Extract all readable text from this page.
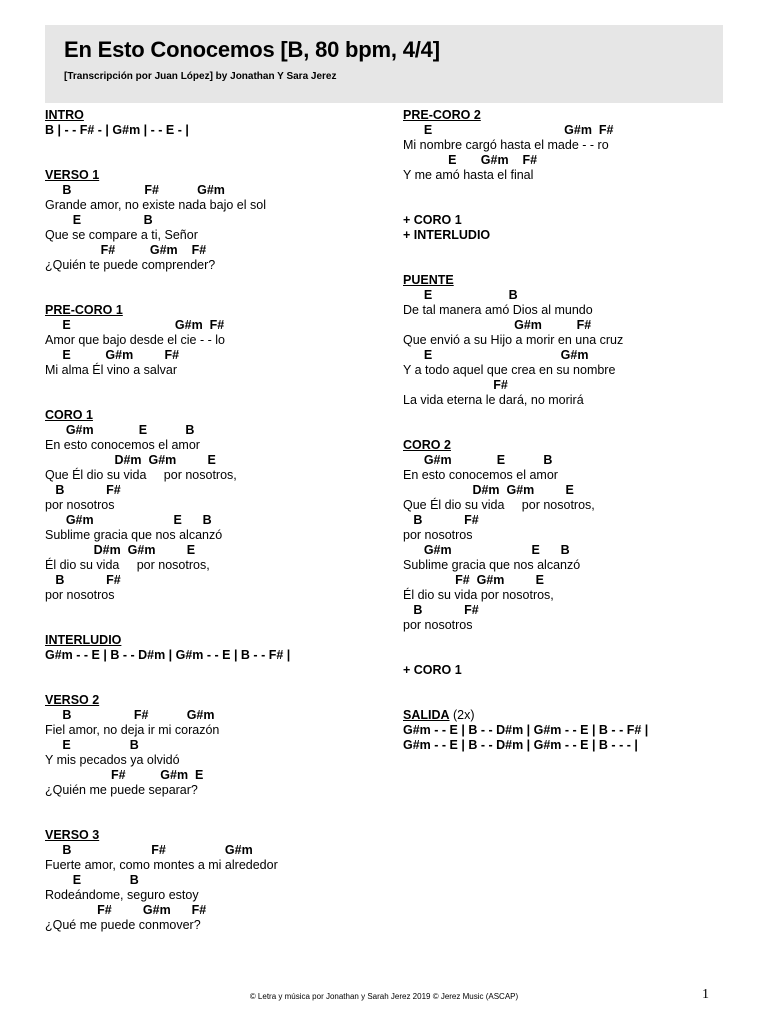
En Esto Conocemos [B, 80 bpm, 4/4]
[Transcripción por Juan López] by Jonathan Y Sara Jerez
INTRO
B | - - F# - | G#m | - - E - |
VERSO 1
B                     F#           G#m
Grande amor, no existe nada bajo el sol
E                  B
Que se compare a ti, Señor
F#          G#m    F#
¿Quién te puede comprender?
PRE-CORO 1
E                              G#m  F#
Amor que bajo desde el cie - - lo
E          G#m         F#
Mi alma Él vino a salvar
CORO 1
G#m             E           B
En esto conocemos el amor
D#m  G#m         E
Que Él dio su vida     por nosotros,
B            F#
por nosotros
G#m                       E      B
Sublime gracia que nos alcanzó
D#m  G#m         E
Él dio su vida     por nosotros,
B            F#
por nosotros
INTERLUDIO
G#m - - E | B - - D#m | G#m - - E | B - - F# |
VERSO 2
B                  F#           G#m
Fiel amor, no deja ir mi corazón
E                 B
Y mis pecados ya olvidó
F#          G#m  E
¿Quién me puede separar?
VERSO 3
B                       F#                 G#m
Fuerte amor, como montes a mi alrededor
E              B
Rodeándome, seguro estoy
F#         G#m      F#
¿Qué me puede conmover?
PRE-CORO 2
E                                      G#m  F#
Mi nombre cargó hasta el made - - ro
E       G#m    F#
Y me amó hasta el final
+ CORO 1
+ INTERLUDIO
PUENTE
E                      B
De tal manera amó Dios al mundo
G#m          F#
Que envió a su Hijo a morir en una cruz
E                                     G#m
Y a todo aquel que crea en su nombre
F#
La vida eterna le dará, no morirá
CORO 2
G#m             E           B
En esto conocemos el amor
D#m  G#m         E
Que Él dio su vida     por nosotros,
B            F#
por nosotros
G#m                       E      B
Sublime gracia que nos alcanzó
F#  G#m         E
Él dio su vida por nosotros,
B            F#
por nosotros
+ CORO 1
SALIDA (2x)
G#m - - E | B - - D#m | G#m - - E | B - - F# |
G#m - - E | B - - D#m | G#m - - E | B - - - |
© Letra y música por Jonathan y Sarah Jerez 2019 © Jerez Music (ASCAP)	1
